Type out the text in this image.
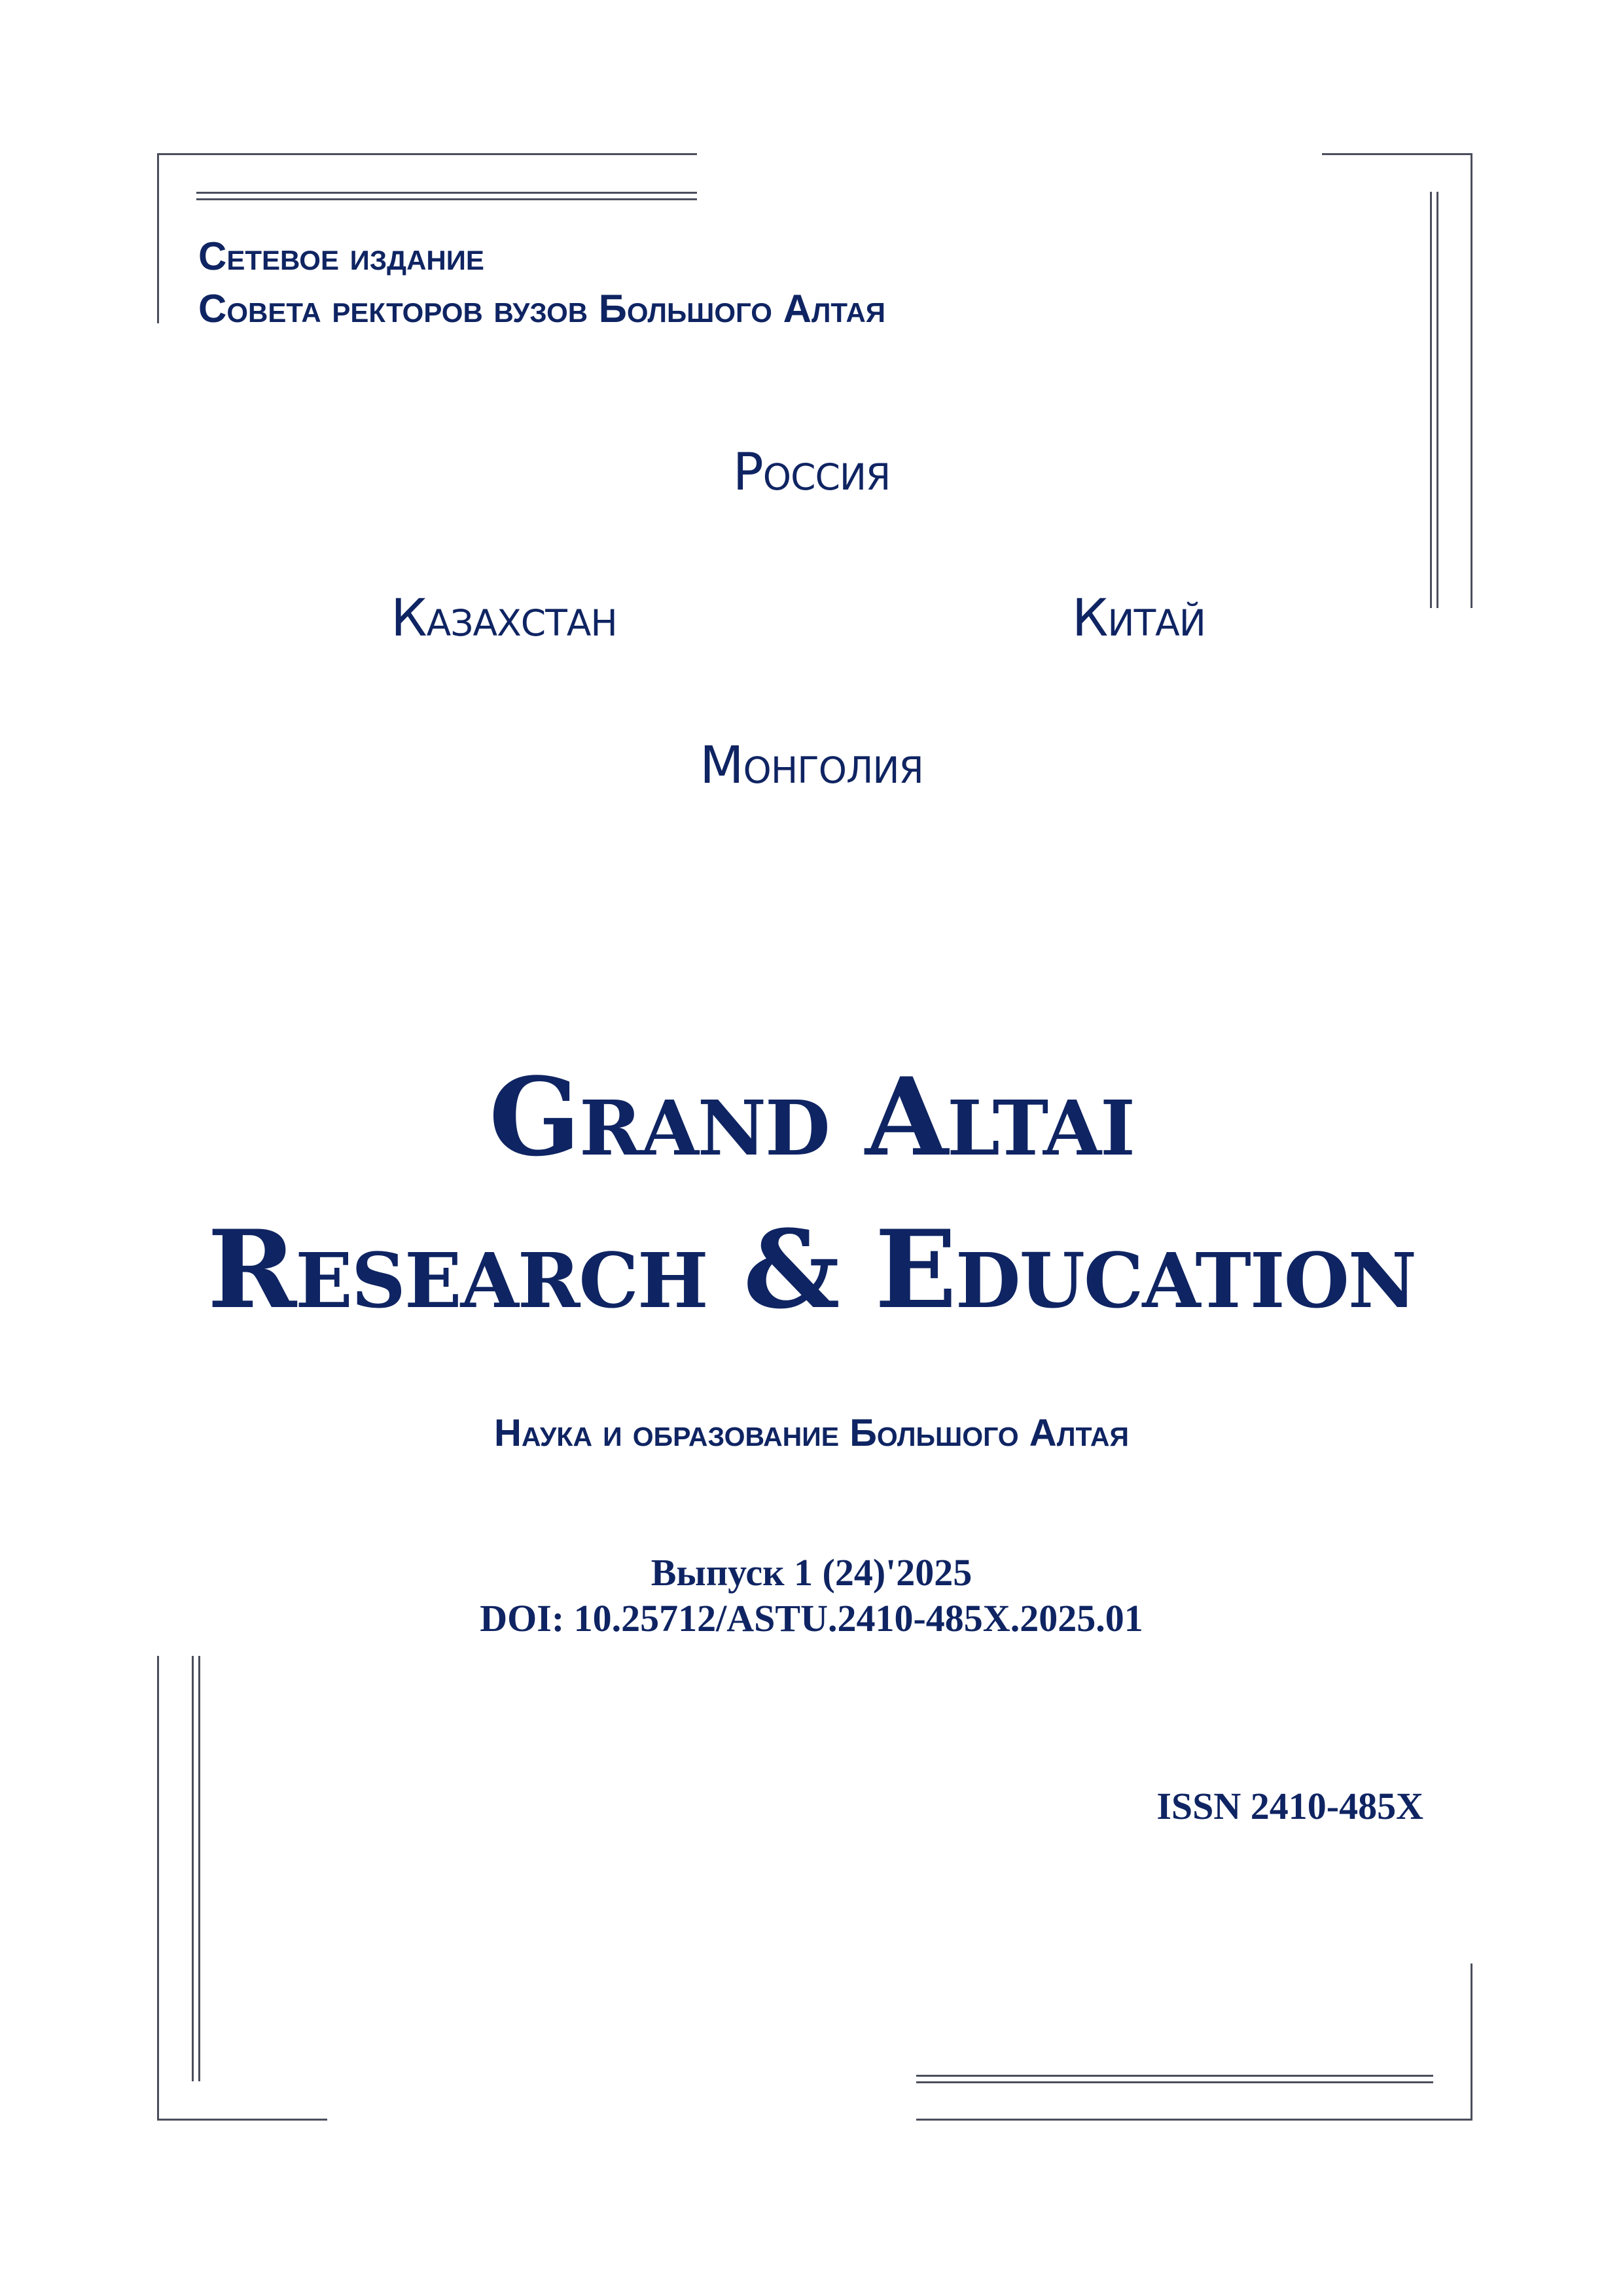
Сетевое издание

Совета ректоров вузов Большого Алтая

Россия

Казахстан	Китай

Монголия

Grand Altai
Research & Education

Наука и образование Большого Алтая

Выпуск 1 (24)'2025

DOI: 10.25712/ASTU.2410-485X.2025.01

ISSN 2410-485X
